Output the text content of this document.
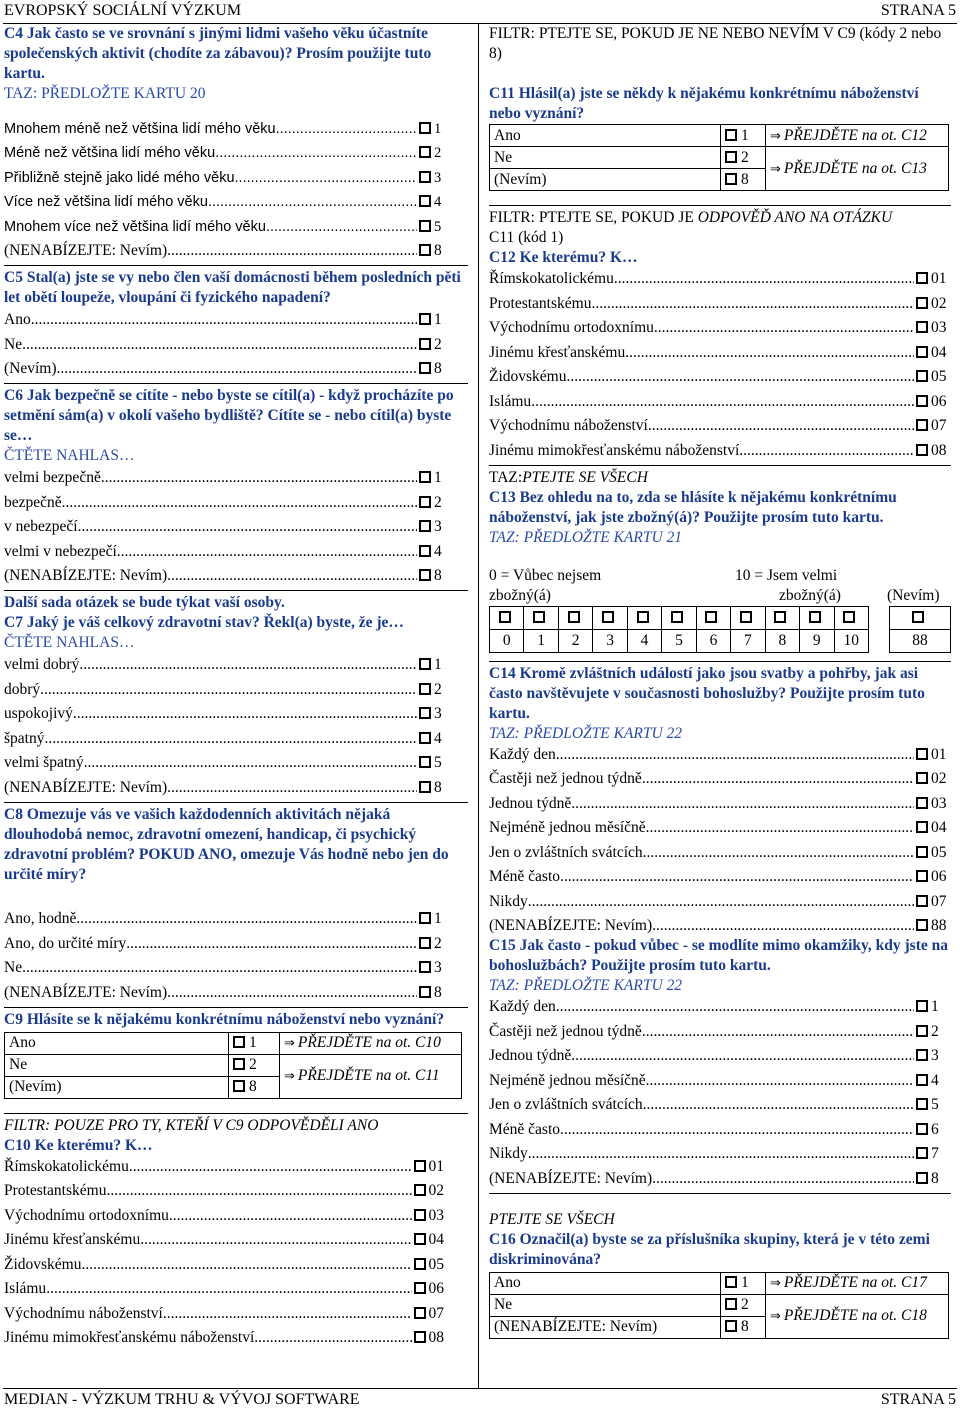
EVROPSKÝ SOCIÁLNÍ VÝZKUM	STRANA 5
C4 Jak často se ve srovnání s jinými lidmi vašeho věku účastníte společenských aktivit (chodíte za zábavou)? Prosím použijte tuto kartu.
TAZ: PŘEDLOŽTE KARTU 20
Mnohem méně než většina lidí mého věku .....	1
Méně než většina lidí mého věku .....	2
Přibližně stejně jako lidé mého věku .....	3
Více než většina lidí mého věku .....	4
Mnohem více než většina lidí mého věku .....	5
(NENABÍZEJTE: Nevím) .....	8
C5 Stal(a) jste se vy nebo člen vaší domácnosti během posledních pěti let obětí loupeže, vloupání či fyzického napadení?
Ano .....	1
Ne .....	2
(Nevím) .....	8
C6 Jak bezpečně se cítíte - nebo byste se cítil(a) - když procházíte po setmění sám(a) v okolí vašeho bydliště? Cítíte se - nebo cítil(a) byste se…
ČTĚTE NAHLAS…
velmi bezpečně .....	1
bezpečně .....	2
v nebezpečí .....	3
velmi v nebezpečí .....	4
(NENABÍZEJTE: Nevím) .....	8
Další sada otázek se bude týkat vaší osoby.
C7 Jaký je váš celkový zdravotní stav? Řekl(a) byste, že je…
ČTĚTE NAHLAS…
velmi dobrý .....	1
dobrý .....	2
uspokojivý .....	3
špatný .....	4
velmi špatný .....	5
(NENABÍZEJTE: Nevím) .....	8
C8 Omezuje vás ve vašich každodenních aktivitách nějaká dlouhodobá nemoc, zdravotní omezení, handicap, či psychický zdravotní problém? POKUD ANO, omezuje Vás hodně nebo jen do určité míry?
Ano, hodně .....	1
Ano, do určité míry .....	2
Ne .....	3
(NENABÍZEJTE: Nevím) .....	8
C9 Hlásíte se k nějakému konkrétnímu náboženství nebo vyznání?
Ano	1	⇒ PŘEJDĚTE na ot. C10
Ne	2	⇒ PŘEJDĚTE na ot. C11
(Nevím)	8	
FILTR: POUZE PRO TY, KTEŘÍ V C9 ODPOVĚDĚLI ANO
C10 Ke kterému? K…
Římskokatolickému .....	01
Protestantskému .....	02
Východnímu ortodoxnímu .....	03
Jinému křesťanskému .....	04
Židovskému .....	05
Islámu .....	06
Východnímu náboženství .....	07
Jinému mimokřesťanskému náboženství .....	08
FILTR: PTEJTE SE, POKUD JE NE NEBO NEVÍM V C9 (kódy 2 nebo 8)
C11 Hlásil(a) jste se někdy k nějakému konkrétnímu náboženství nebo vyznání?
Ano	1	⇒ PŘEJDĚTE na ot. C12
Ne	2	⇒ PŘEJDĚTE na ot. C13
(Nevím)	8	
FILTR: PTEJTE SE, POKUD JE ODPOVĚĎ ANO NA OTÁZKU
C11 (kód 1)
C12 Ke kterému? K…
Římskokatolickému .....	01
Protestantskému .....	02
Východnímu ortodoxnímu .....	03
Jinému křesťanskému .....	04
Židovskému .....	05
Islámu .....	06
Východnímu náboženství .....	07
Jinému mimokřesťanskému náboženství .....	08
TAZ:PTEJTE SE VŠECH
C13 Bez ohledu na to, zda se hlásíte k nějakému konkrétnímu náboženství, jak jste zbožný(á)? Použijte prosím tuto kartu.
TAZ: PŘEDLOŽTE KARTU 21
0 = Vůbec nejsem	10 = Jsem velmi
zbožný(á)	zbožný(á)	(Nevím)

0	1	2	3	4	5	6	7	8	9	10		88
C14 Kromě zvláštních událostí jako jsou svatby a pohřby, jak asi často navštěvujete v současnosti bohoslužby? Použijte prosím tuto kartu.
TAZ: PŘEDLOŽTE KARTU 22
Každý den .....	01
Častěji než jednou týdně .....	02
Jednou týdně .....	03
Nejméně jednou měsíčně .....	04
Jen o zvláštních svátcích .....	05
Méně často .....	06
Nikdy .....	07
(NENABÍZEJTE: Nevím) .....	88
C15 Jak často - pokud vůbec - se modlíte mimo okamžiky, kdy jste na bohoslužbách? Použijte prosím tuto kartu.
TAZ: PŘEDLOŽTE KARTU 22
Každý den .....	1
Častěji než jednou týdně .....	2
Jednou týdně .....	3
Nejméně jednou měsíčně .....	4
Jen o zvláštních svátcích .....	5
Méně často .....	6
Nikdy .....	7
(NENABÍZEJTE: Nevím) .....	8
PTEJTE SE VŠECH
C16 Označil(a) byste se za příslušníka skupiny, která je v této zemi diskriminována?
Ano	1	⇒ PŘEJDĚTE na ot. C17
Ne	2	⇒ PŘEJDĚTE na ot. C18
(NENABÍZEJTE: Nevím)	8	
MEDIAN - VÝZKUM TRHU & VÝVOJ SOFTWARE	STRANA 5
